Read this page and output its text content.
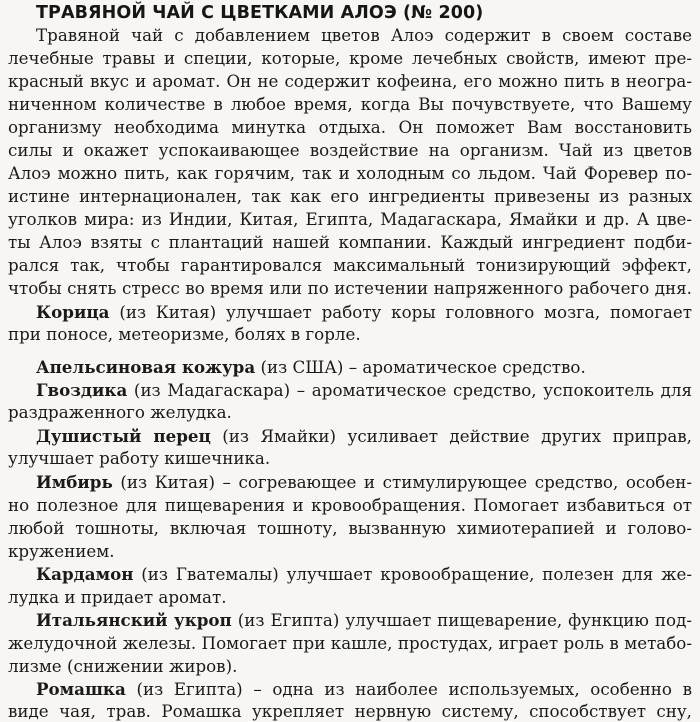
ТРАВЯНОЙ ЧАЙ С ЦВЕТКАМИ АЛОЭ (№ 200)
Травяной чай с добавлением цветов Алоэ содержит в своем составе
лечебные травы и специи, которые, кроме лечебных свойств, имеют пре-
красный вкус и аромат. Он не содержит кофеина, его можно пить в неогра-
ниченном количестве в любое время, когда Вы почувствуете, что Вашему
организму необходима минутка отдыха. Он поможет Вам восстановить
силы и окажет успокаивающее воздействие на организм. Чай из цветов
Алоэ можно пить, как горячим, так и холодным со льдом. Чай Форевер по-
истине интернационален, так как его ингредиенты привезены из разных
уголков мира: из Индии, Китая, Египта, Мадагаскара, Ямайки и др. А цве-
ты Алоэ взяты с плантаций нашей компании. Каждый ингредиент подби-
рался так, чтобы гарантировался максимальный тонизирующий эффект,
чтобы снять стресс во время или по истечении напряженного рабочего дня.
Корица (из Китая) улучшает работу коры головного мозга, помогает
при поносе, метеоризме, болях в горле.
Апельсиновая кожура (из США) – ароматическое средство.
Гвоздика (из Мадагаскара) – ароматическое средство, успокоитель для
раздраженного желудка.
Душистый перец (из Ямайки) усиливает действие других приправ,
улучшает работу кишечника.
Имбирь (из Китая) – согревающее и стимулирующее средство, особен-
но полезное для пищеварения и кровообращения. Помогает избавиться от
любой тошноты, включая тошноту, вызванную химиотерапией и голово-
кружением.
Кардамон (из Гватемалы) улучшает кровообращение, полезен для же-
лудка и придает аромат.
Итальянский укроп (из Египта) улучшает пищеварение, функцию под-
желудочной железы. Помогает при кашле, простудах, играет роль в метабо-
лизме (снижении жиров).
Ромашка (из Египта) – одна из наиболее используемых, особенно в
виде чая, трав. Ромашка укрепляет нервную систему, способствует сну,
